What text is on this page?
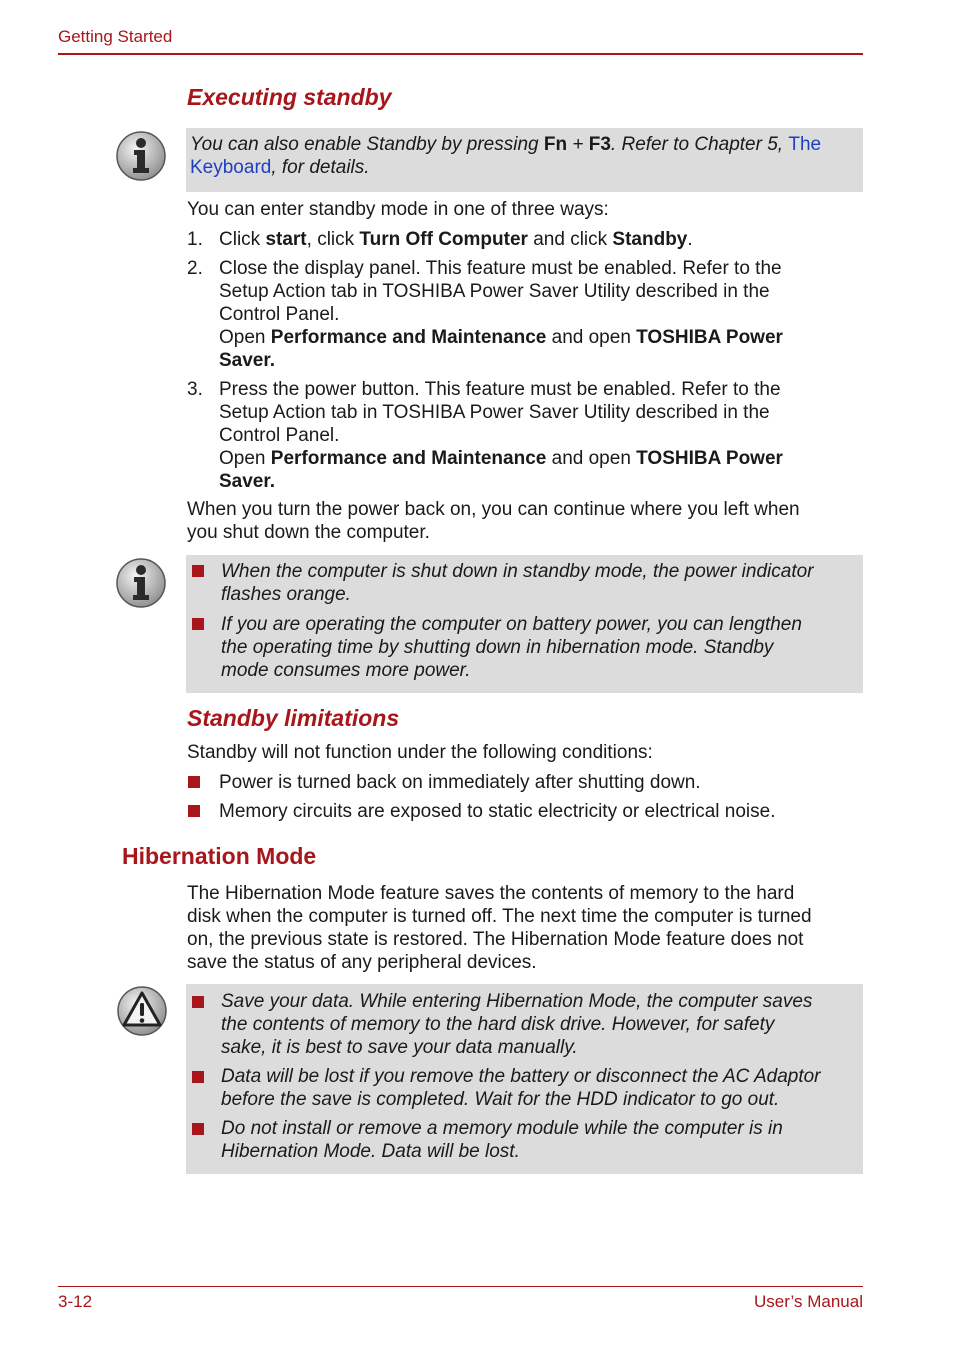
Getting Started
Executing standby
You can also enable Standby by pressing Fn + F3. Refer to Chapter 5, The
Keyboard, for details.
You can enter standby mode in one of three ways:
1. Click start, click Turn Off Computer and click Standby.
2. Close the display panel. This feature must be enabled. Refer to the
Setup Action tab in TOSHIBA Power Saver Utility described in the
Control Panel.
Open Performance and Maintenance and open TOSHIBA Power
Saver.
3. Press the power button. This feature must be enabled. Refer to the
Setup Action tab in TOSHIBA Power Saver Utility described in the
Control Panel.
Open Performance and Maintenance and open TOSHIBA Power
Saver.
When you turn the power back on, you can continue where you left when
you shut down the computer.
When the computer is shut down in standby mode, the power indicator
flashes orange.
If you are operating the computer on battery power, you can lengthen
the operating time by shutting down in hibernation mode. Standby
mode consumes more power.
Standby limitations
Standby will not function under the following conditions:
Power is turned back on immediately after shutting down.
Memory circuits are exposed to static electricity or electrical noise.
Hibernation Mode
The Hibernation Mode feature saves the contents of memory to the hard
disk when the computer is turned off. The next time the computer is turned
on, the previous state is restored. The Hibernation Mode feature does not
save the status of any peripheral devices.
Save your data. While entering Hibernation Mode, the computer saves
the contents of memory to the hard disk drive. However, for safety
sake, it is best to save your data manually.
Data will be lost if you remove the battery or disconnect the AC Adaptor
before the save is completed. Wait for the HDD indicator to go out.
Do not install or remove a memory module while the computer is in
Hibernation Mode. Data will be lost.
3-12	User’s Manual
